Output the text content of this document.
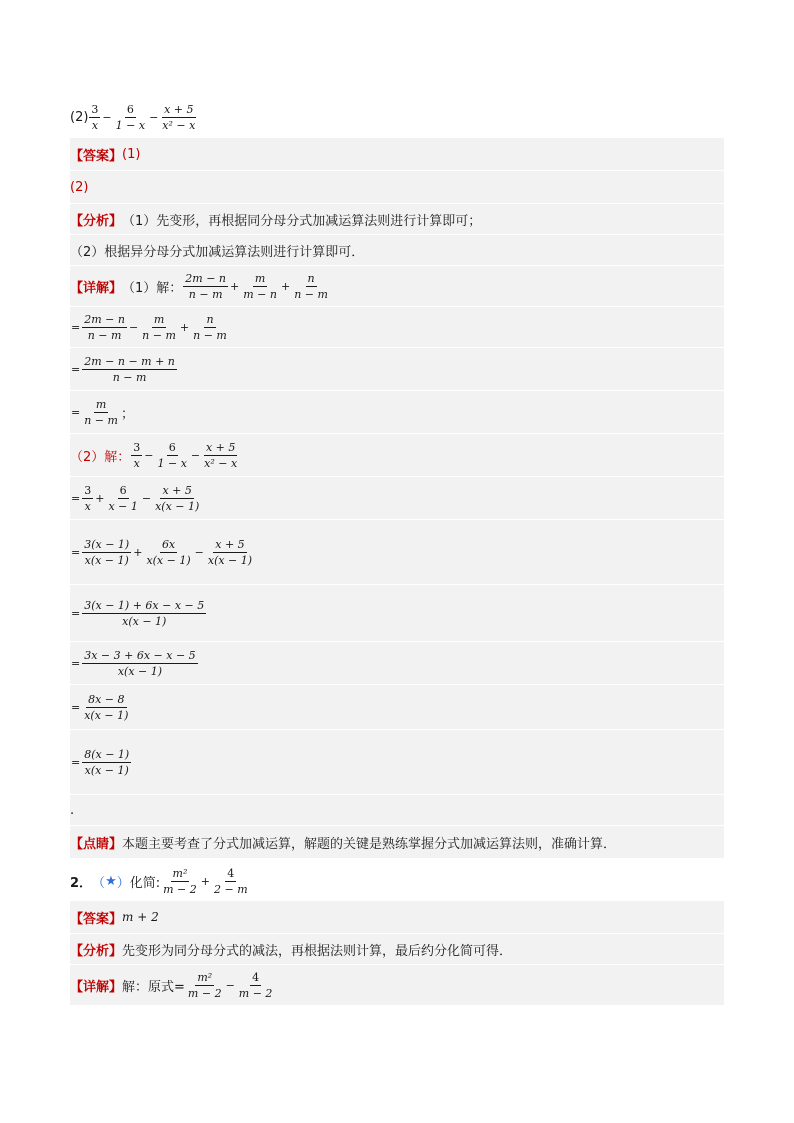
$(2) \frac{3}{x} - \frac{6}{1 - x} - \frac{x + 5}{\text{x² − x}}$
【答案】 (1)
(2)
【分析】 （1）先变形，再根据同分母分式加减运算法则进行计算即可；
（2）根据异分母分式加减运算法则进行计算即可．
【详解】 （1）解： $\frac{2m - n}{n - m} + \frac{m}{m - n} + \frac{n}{n - m}$
= $\frac{2m - n}{n - m} - \frac{m}{n - m} + \frac{n}{n - m}$
= $\frac{2m - n - m + n}{n - m}$
= $\frac{m}{n - m}$ ；
（2）解： $\frac{3}{x} - \frac{6}{1 - x} - \frac{x + 5}{\text{x² − x}}$
= $\frac{3}{x} + \frac{6}{x - 1} - \frac{x + 5}{x(x - 1)}$
= $\frac{3(x - 1)}{x(x - 1)} + \frac{6x}{x(x - 1)} - \frac{x + 5}{x(x - 1)}$
= $\frac{3(x - 1) + 6x - x - 5}{x(x - 1)}$
= $\frac{3x - 3 + 6x - x - 5}{x(x - 1)}$
= $\frac{8x - 8}{x(x - 1)}$
= $\frac{8(x - 1)}{x(x - 1)}$
.
【点睛】 本题主要考查了分式加减运算，解题的关键是熟练掌握分式加减运算法则，准确计算．
2． （ ★ ） 化简: $\frac{\text{m²}}{m - 2} + \frac{4}{2 - m}$
【答案】 m + 2
【分析】 先变形为同分母分式的减法，再根据法则计算，最后约分化简可得．
【详解】 解：原式= $\frac{\text{m²}}{m - 2} - \frac{4}{m - 2}$
